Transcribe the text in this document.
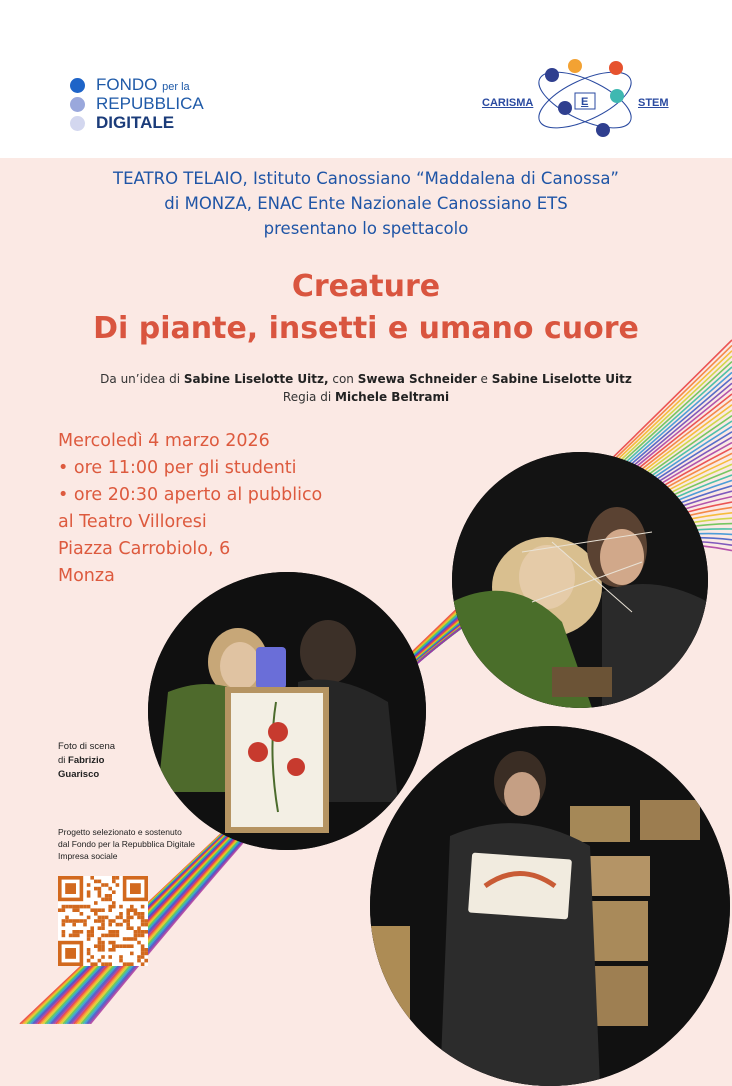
FONDO per la
REPUBBLICA
DIGITALE
CARISMA	E	STEM
TEATRO TELAIO, Istituto Canossiano “Maddalena di Canossa”
di MONZA, ENAC Ente Nazionale Canossiano ETS
presentano lo spettacolo
Creature
Di piante, insetti e umano cuore
Da un’idea di Sabine Liselotte Uitz, con Swewa Schneider e Sabine Liselotte Uitz
Regia di Michele Beltrami
Mercoledì 4 marzo 2026
• ore 11:00 per gli studenti
• ore 20:30 aperto al pubblico
al Teatro Villoresi
Piazza Carrobiolo, 6
Monza
Foto di scena
di Fabrizio
Guarisco
Progetto selezionato e sostenuto
dal Fondo per la Repubblica Digitale
Impresa sociale
